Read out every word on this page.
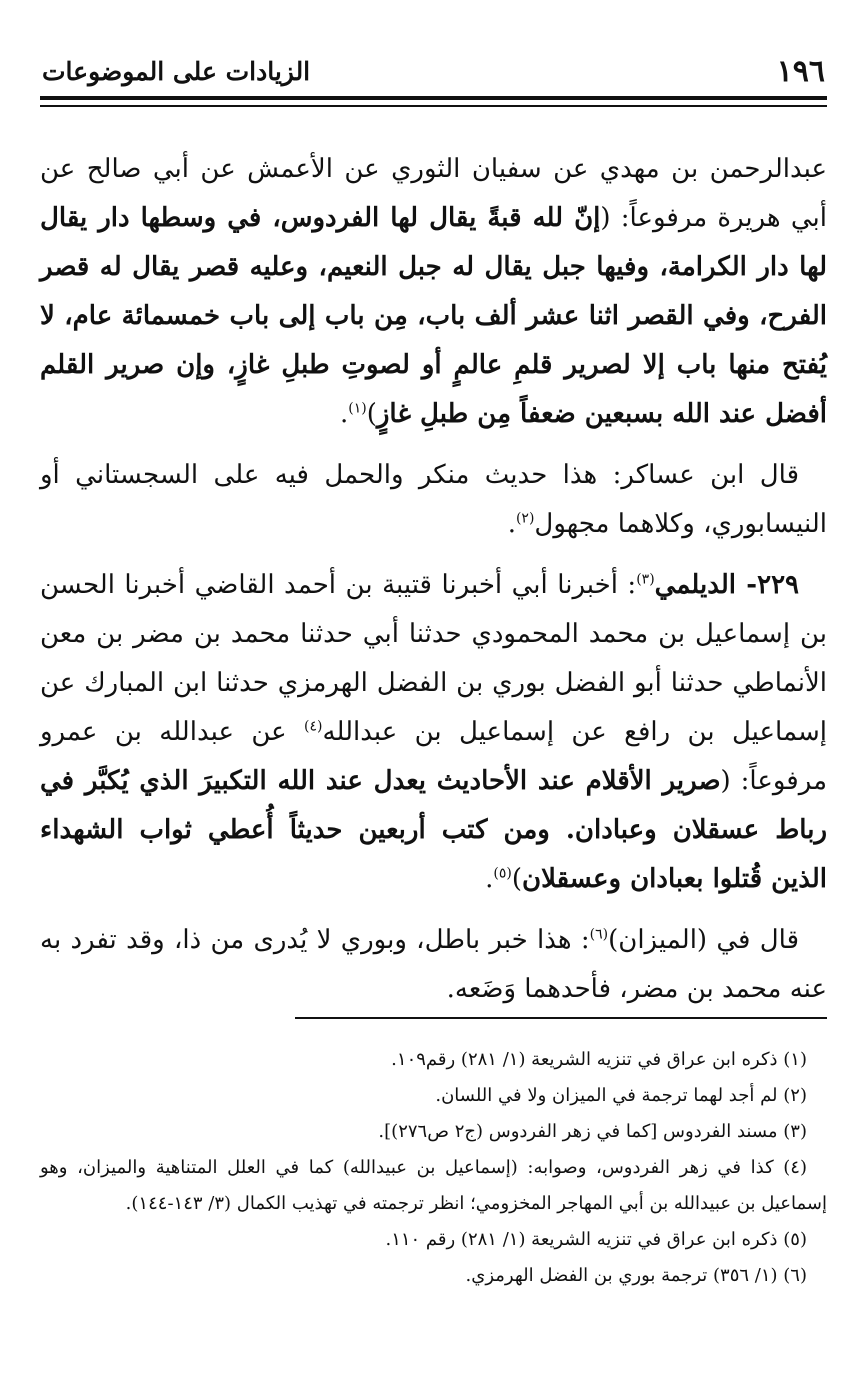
١٩٦
الزيادات على الموضوعات

عبدالرحمن بن مهدي عن سفيان الثوري عن الأعمش عن أبي صالح عن أبي هريرة مرفوعاً: (إنّ لله قبةً يقال لها الفردوس، في وسطها دار يقال لها دار الكرامة، وفيها جبل يقال له جبل النعيم، وعليه قصر يقال له قصر الفرح، وفي القصر اثنا عشر ألف باب، مِن باب إلى باب خمسمائة عام، لا يُفتح منها باب إلا لصرير قلمِ عالمٍ أو لصوتِ طبلِ غازٍ، وإن صرير القلم أفضل عند الله بسبعين ضعفاً مِن طبلِ غازٍ)$^{(١)}$.

قال ابن عساكر: هذا حديث منكر والحمل فيه على السجستاني أو النيسابوري، وكلاهما مجهول$^{(٢)}$.

٢٢٩- الديلمي$^{(٣)}$: أخبرنا أبي أخبرنا قتيبة بن أحمد القاضي أخبرنا الحسن بن إسماعيل بن محمد المحمودي حدثنا أبي حدثنا محمد بن مضر بن معن الأنماطي حدثنا أبو الفضل بوري بن الفضل الهرمزي حدثنا ابن المبارك عن إسماعيل بن رافع عن إسماعيل بن عبدالله$^{(٤)}$ عن عبدالله بن عمرو مرفوعاً: (صرير الأقلام عند الأحاديث يعدل عند الله التكبيرَ الذي يُكبَّر في رباط عسقلان وعبادان. ومن كتب أربعين حديثاً أُعطي ثواب الشهداء الذين قُتلوا بعبادان وعسقلان)$^{(٥)}$.

قال في (الميزان)$^{(٦)}$: هذا خبر باطل، وبوري لا يُدرى من ذا، وقد تفرد به عنه محمد بن مضر، فأحدهما وَضَعه.

(١) ذكره ابن عراق في تنزيه الشريعة (١/ ٢٨١) رقم١٠٩.

(٢) لم أجد لهما ترجمة في الميزان ولا في اللسان.

(٣) مسند الفردوس [كما في زهر الفردوس (ج٢ ص٢٧٦)].

(٤) كذا في زهر الفردوس، وصوابه: (إسماعيل بن عبيدالله) كما في العلل المتناهية والميزان، وهو إسماعيل بن عبيدالله بن أبي المهاجر المخزومي؛ انظر ترجمته في تهذيب الكمال (٣/ ١٤٣-١٤٤).

(٥) ذكره ابن عراق في تنزيه الشريعة (١/ ٢٨١) رقم ١١٠.

(٦) (١/ ٣٥٦) ترجمة بوري بن الفضل الهرمزي.
